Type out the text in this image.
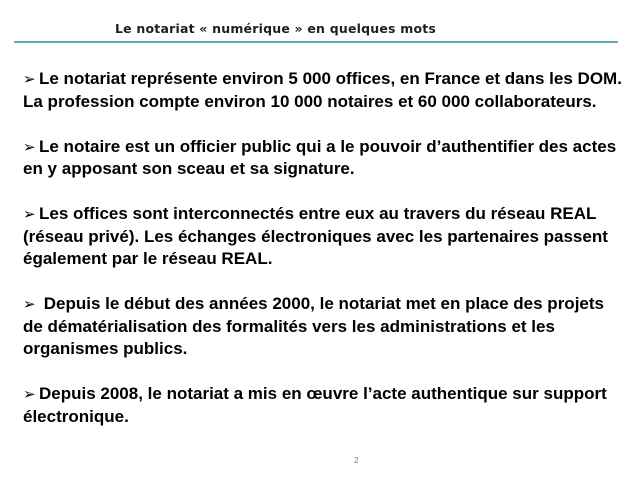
Le notariat « numérique » en quelques mots
➢ Le notariat représente environ 5 000 offices, en France et dans les DOM. La profession compte environ 10 000 notaires et 60 000 collaborateurs.
➢ Le notaire est un officier public qui a le pouvoir d’authentifier des actes en y apposant son sceau et sa signature.
➢ Les offices sont interconnectés entre eux au travers du réseau REAL (réseau privé). Les échanges électroniques avec les partenaires passent également par le réseau REAL.
➢ Depuis le début des années 2000, le notariat met en place des projets de dématérialisation des formalités vers les administrations et les organismes publics.
➢ Depuis 2008, le notariat a mis en œuvre l’acte authentique sur support électronique.
2
